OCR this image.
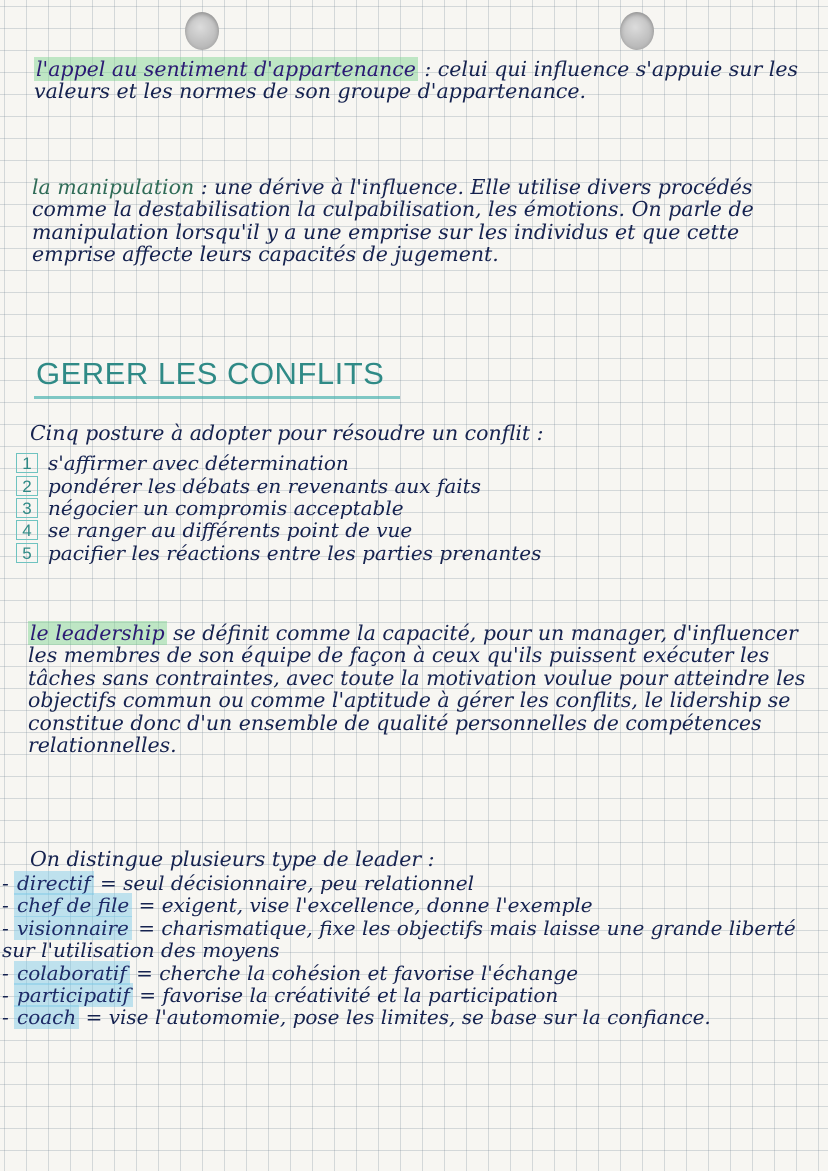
l'appel au sentiment d'appartenance : celui qui influence s'appuie sur les valeurs et les normes de son groupe d'appartenance.

la manipulation : une dérive à l'influence. Elle utilise divers procédés comme la destabilisation la culpabilisation, les émotions. On parle de manipulation lorsqu'il y a une emprise sur les individus et que cette emprise affecte leurs capacités de jugement.

GERER LES CONFLITS

Cinq posture à adopter pour résoudre un conflit :

1 s'affirmer avec détermination
2 pondérer les débats en revenants aux faits
3 négocier un compromis acceptable
4 se ranger au différents point de vue
5 pacifier les réactions entre les parties prenantes

le leadership se définit comme la capacité, pour un manager, d'influencer les membres de son équipe de façon à ceux qu'ils puissent exécuter les tâches sans contraintes, avec toute la motivation voulue pour atteindre les objectifs commun ou comme l'aptitude à gérer les conflits, le lidership se constitue donc d'un ensemble de qualité personnelles de compétences relationnelles.

On distingue plusieurs type de leader :

- directif = seul décisionnaire, peu relationnel
- chef de file = exigent, vise l'excellence, donne l'exemple
- visionnaire = charismatique, fixe les objectifs mais laisse une grande liberté sur l'utilisation des moyens
- colaboratif = cherche la cohésion et favorise l'échange
- participatif = favorise la créativité et la participation
- coach = vise l'automomie, pose les limites, se base sur la confiance.
